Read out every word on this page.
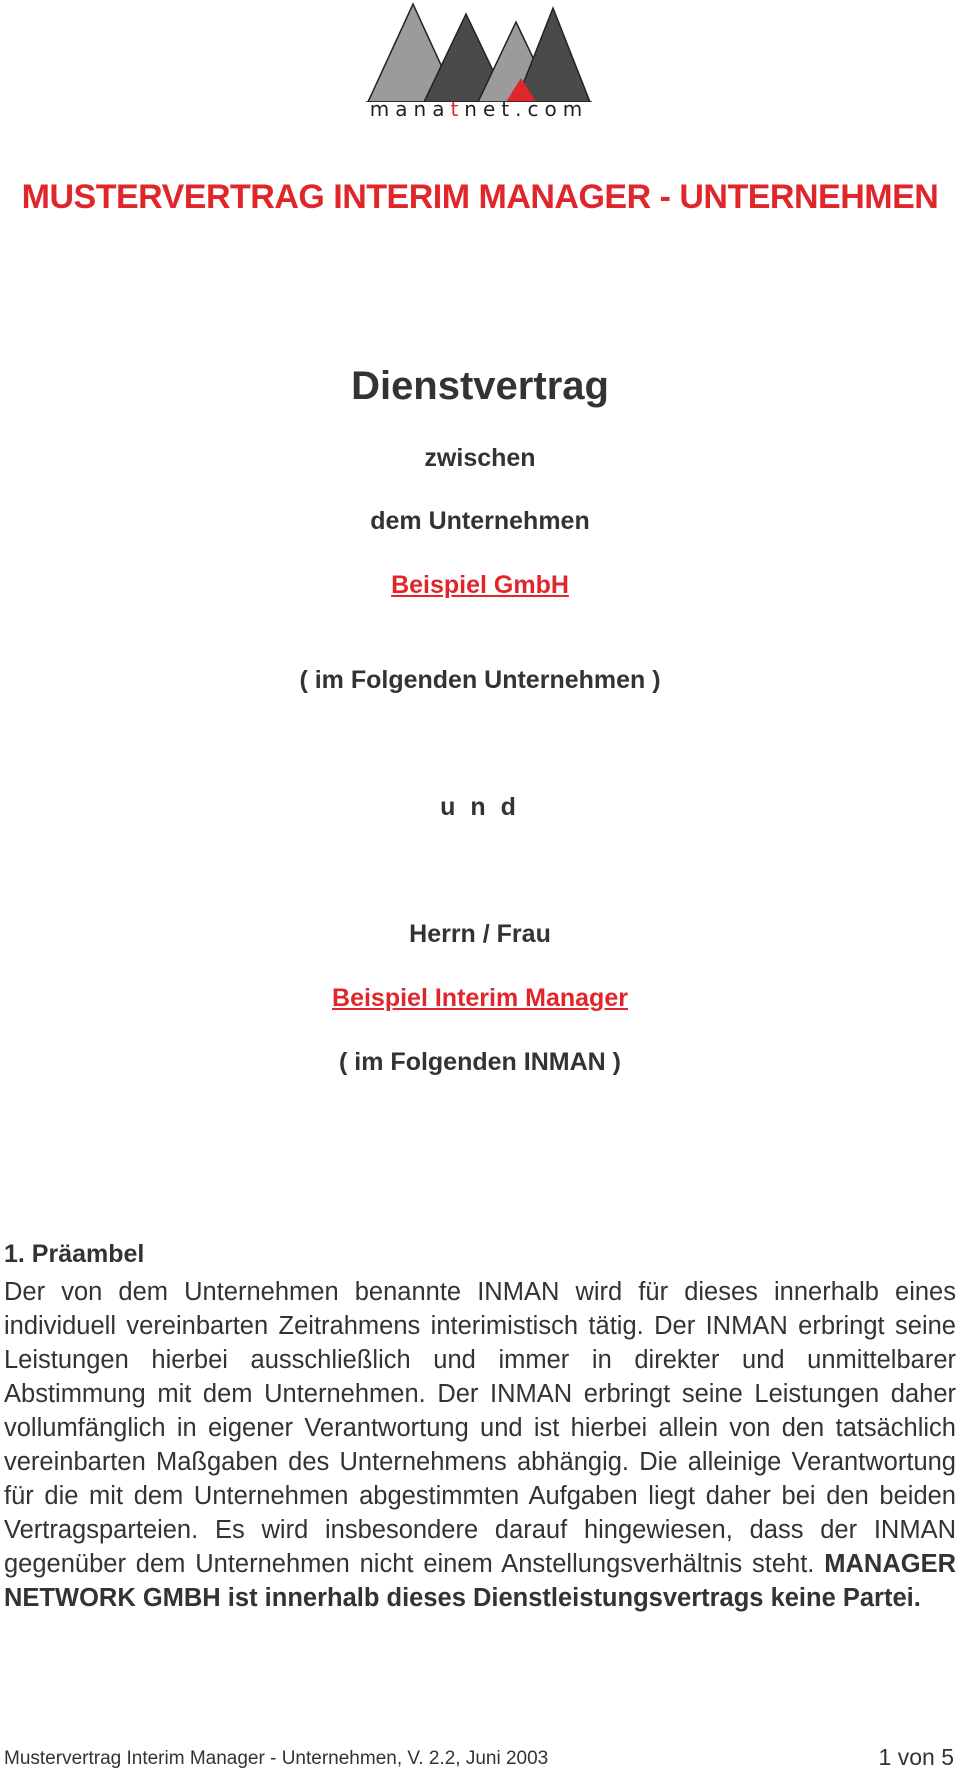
manatnet.com
MUSTERVERTRAG INTERIM MANAGER - UNTERNEHMEN
Dienstvertrag
zwischen
dem Unternehmen
Beispiel GmbH
( im Folgenden Unternehmen )
u n d
Herrn / Frau
Beispiel Interim Manager
( im Folgenden INMAN )
1. Präambel

Der von dem Unternehmen benannte INMAN wird für dieses innerhalb eines individuell vereinbarten Zeitrahmens interimistisch tätig. Der INMAN erbringt seine Leistungen hierbei ausschließlich und immer in direkter und unmittelbarer Abstimmung mit dem Unternehmen. Der INMAN erbringt seine Leistungen daher vollumfänglich in eigener Verantwortung und ist hierbei allein von den tatsächlich vereinbarten Maßgaben des Unternehmens abhängig. Die alleinige Verantwortung für die mit dem Unternehmen abgestimmten Aufgaben liegt daher bei den beiden Vertragsparteien. Es wird insbesondere darauf hingewiesen, dass der INMAN gegenüber dem Unternehmen nicht einem Anstellungsverhältnis steht. MANAGER NETWORK GMBH ist innerhalb dieses Dienstleistungsvertrags keine Partei.

Mustervertrag Interim Manager - Unternehmen, V. 2.2, Juni 2003	1 von 5
